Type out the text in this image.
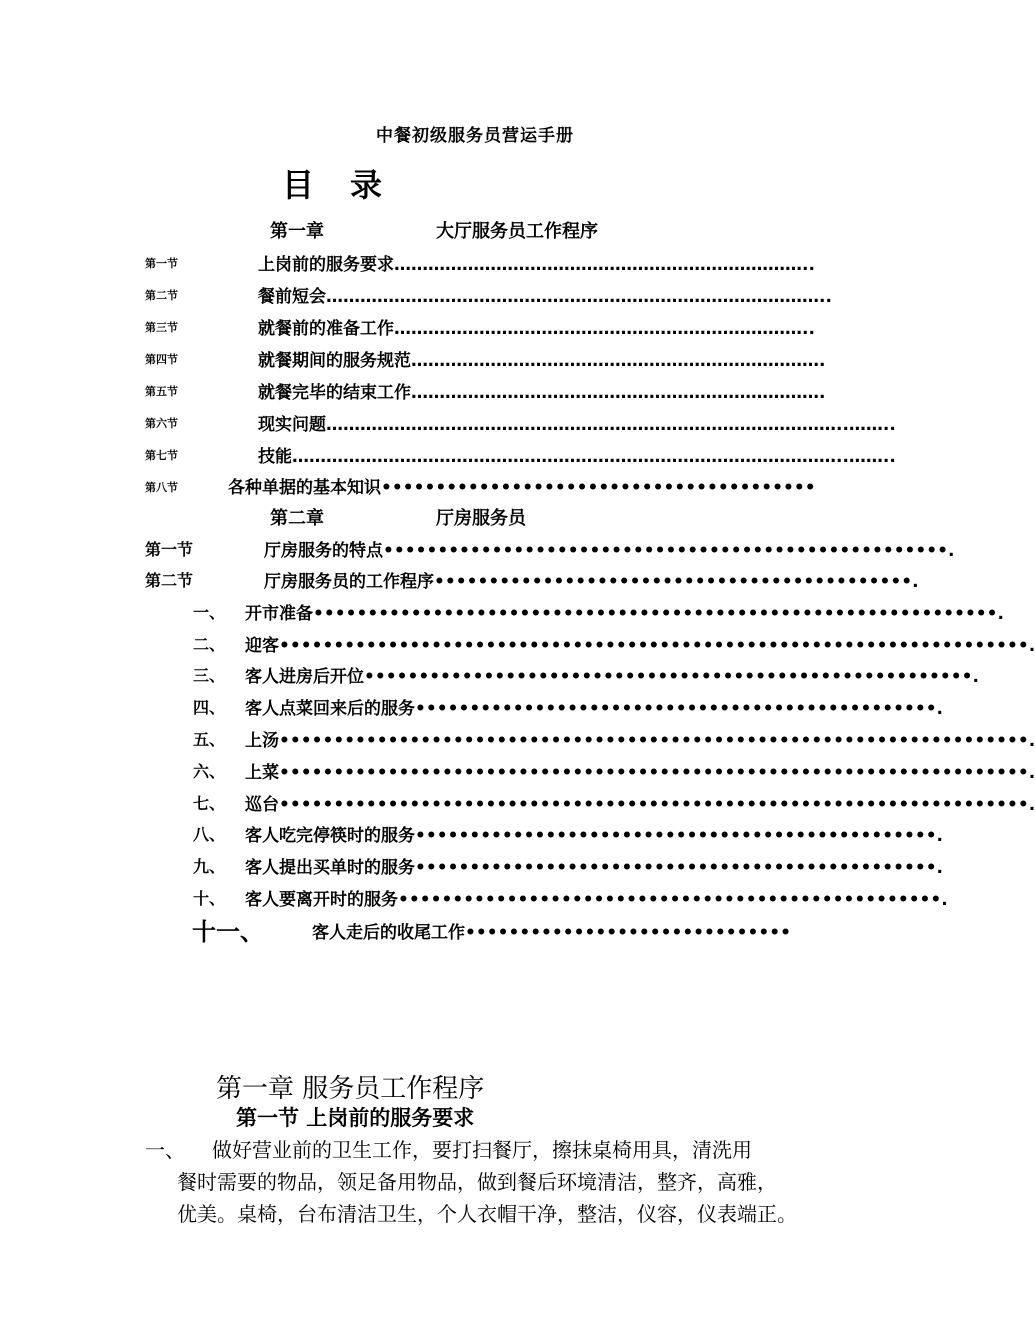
中餐初级服务员营运手册
目 录
第一章	大厅服务员工作程序
第一节	上岗前的服务要求………………………………………………………………..
第二节	餐前短会……………………………………………………………………………..
第三节	就餐前的准备工作………………………………………………………………..
第四节	就餐期间的服务规范……………………………………………………………….
第五节	就餐完毕的结束工作……………………………………………………………….
第六节	现实问题………………………………………………………………………………..……..
第七节	技能……………………………………………………………………………………..……..
第八节	各种单据的基本知识••••••••••••••••••••••••••••••••••••••••
第二章	厅房服务员
第一节	厅房服务的特点••••••••••••••••••••••••••••••••••••••••••••••••••••.
第二节	厅房服务员的工作程序••••••••••••••••••••••••••••••••••••••••••••.
一、 开市准备•••••••••••••••••••••••••••••••••••••••••••••••••••••••••••••••.
二、 迎客•••••••••••••••••••••••••••••••••••••••••••••••••••••••••••••••••••••.
三、 客人进房后开位••••••••••••••••••••••••••••••••••••••••••••••••••••••••.
四、 客人点菜回来后的服务••••••••••••••••••••••••••••••••••••••••••••••••.
五、 上汤•••••••••••••••••••••••••••••••••••••••••••••••••••••••••••••••••••••.
六、 上菜•••••••••••••••••••••••••••••••••••••••••••••••••••••••••••••••••••••.
七、 巡台•••••••••••••••••••••••••••••••••••••••••••••••••••••••••••••••••••••.
八、 客人吃完停筷时的服务••••••••••••••••••••••••••••••••••••••••••••••••.
九、 客人提出买单时的服务••••••••••••••••••••••••••••••••••••••••••••••••.
十、 客人要离开时的服务••••••••••••••••••••••••••••••••••••••••••••••••••.
十一、	客人走后的收尾工作••••••••••••••••••••••••••••••
第一章 服务员工作程序
第一节 上岗前的服务要求
一、 做好营业前的卫生工作，要打扫餐厅，擦抹桌椅用具，清洗用
餐时需要的物品，领足备用物品，做到餐后环境清洁，整齐，高雅，
优美。桌椅，台布清洁卫生，个人衣帽干净，整洁，仪容，仪表端正。
